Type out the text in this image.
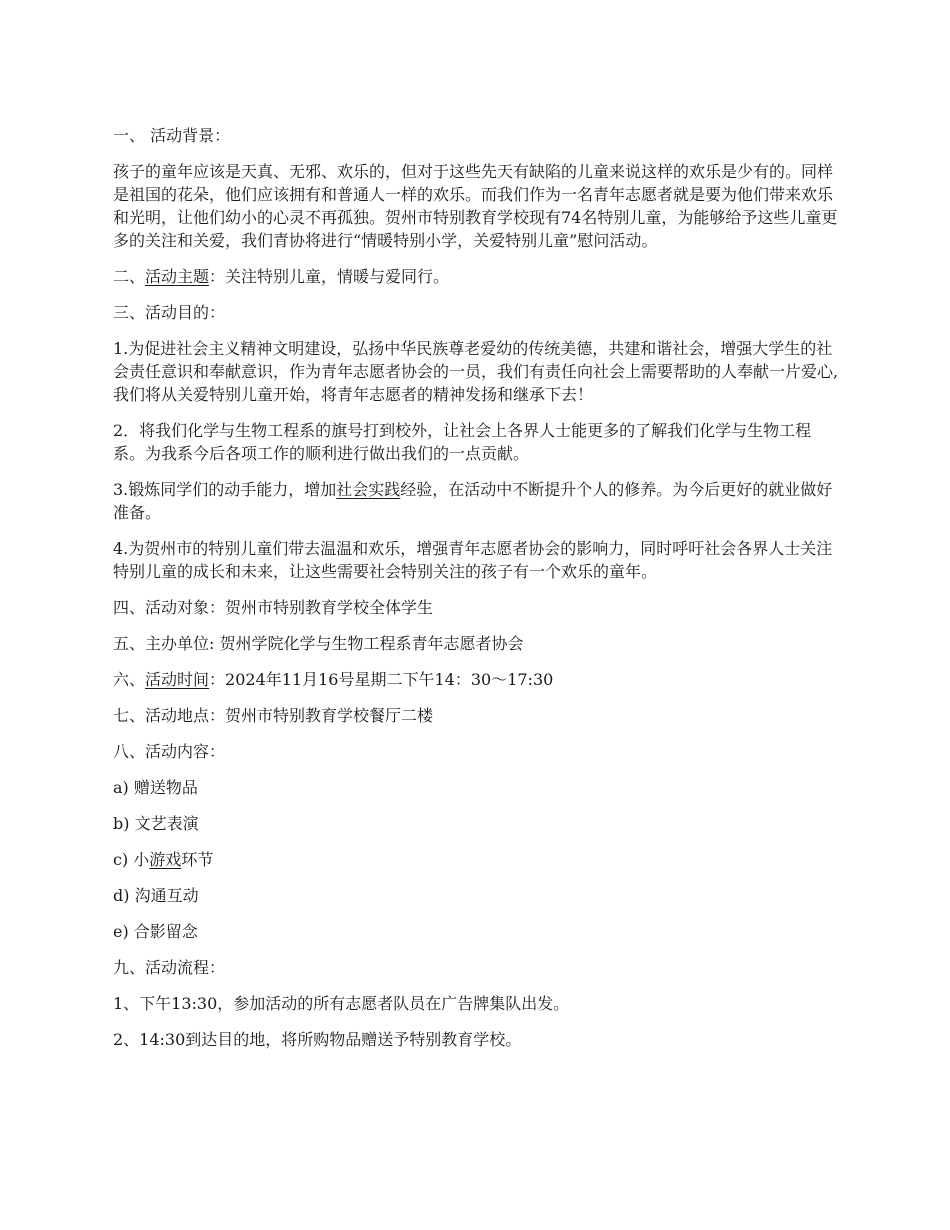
一、 活动背景：

孩子的童年应该是天真、无邪、欢乐的，但对于这些先天有缺陷的儿童来说这样的欢乐是少有的。同样是祖国的花朵，他们应该拥有和普通人一样的欢乐。而我们作为一名青年志愿者就是要为他们带来欢乐和光明，让他们幼小的心灵不再孤独。贺州市特别教育学校现有74名特别儿童，为能够给予这些儿童更多的关注和关爱，我们青协将进行“情暖特别小学，关爱特别儿童”慰问活动。

二、活动主题：关注特别儿童，情暖与爱同行。

三、活动目的：

1.为促进社会主义精神文明建设，弘扬中华民族尊老爱幼的传统美德，共建和谐社会，增强大学生的社会责任意识和奉献意识，作为青年志愿者协会的一员，我们有责任向社会上需要帮助的人奉献一片爱心,我们将从关爱特别儿童开始，将青年志愿者的精神发扬和继承下去！

2．将我们化学与生物工程系的旗号打到校外，让社会上各界人士能更多的了解我们化学与生物工程系。为我系今后各项工作的顺利进行做出我们的一点贡献。

3.锻炼同学们的动手能力，增加社会实践经验，在活动中不断提升个人的修养。为今后更好的就业做好准备。

4.为贺州市的特别儿童们带去温温和欢乐，增强青年志愿者协会的影响力，同时呼吁社会各界人士关注特别儿童的成长和未来，让这些需要社会特别关注的孩子有一个欢乐的童年。

四、活动对象：贺州市特别教育学校全体学生

五、主办单位: 贺州学院化学与生物工程系青年志愿者协会

六、活动时间：2024年11月16号星期二下午14：30～17:30

七、活动地点：贺州市特别教育学校餐厅二楼

八、活动内容：

a) 赠送物品

b) 文艺表演

c) 小游戏环节

d) 沟通互动

e) 合影留念

九、活动流程：

1、下午13:30，参加活动的所有志愿者队员在广告牌集队出发。

2、14:30到达目的地，将所购物品赠送予特别教育学校。
